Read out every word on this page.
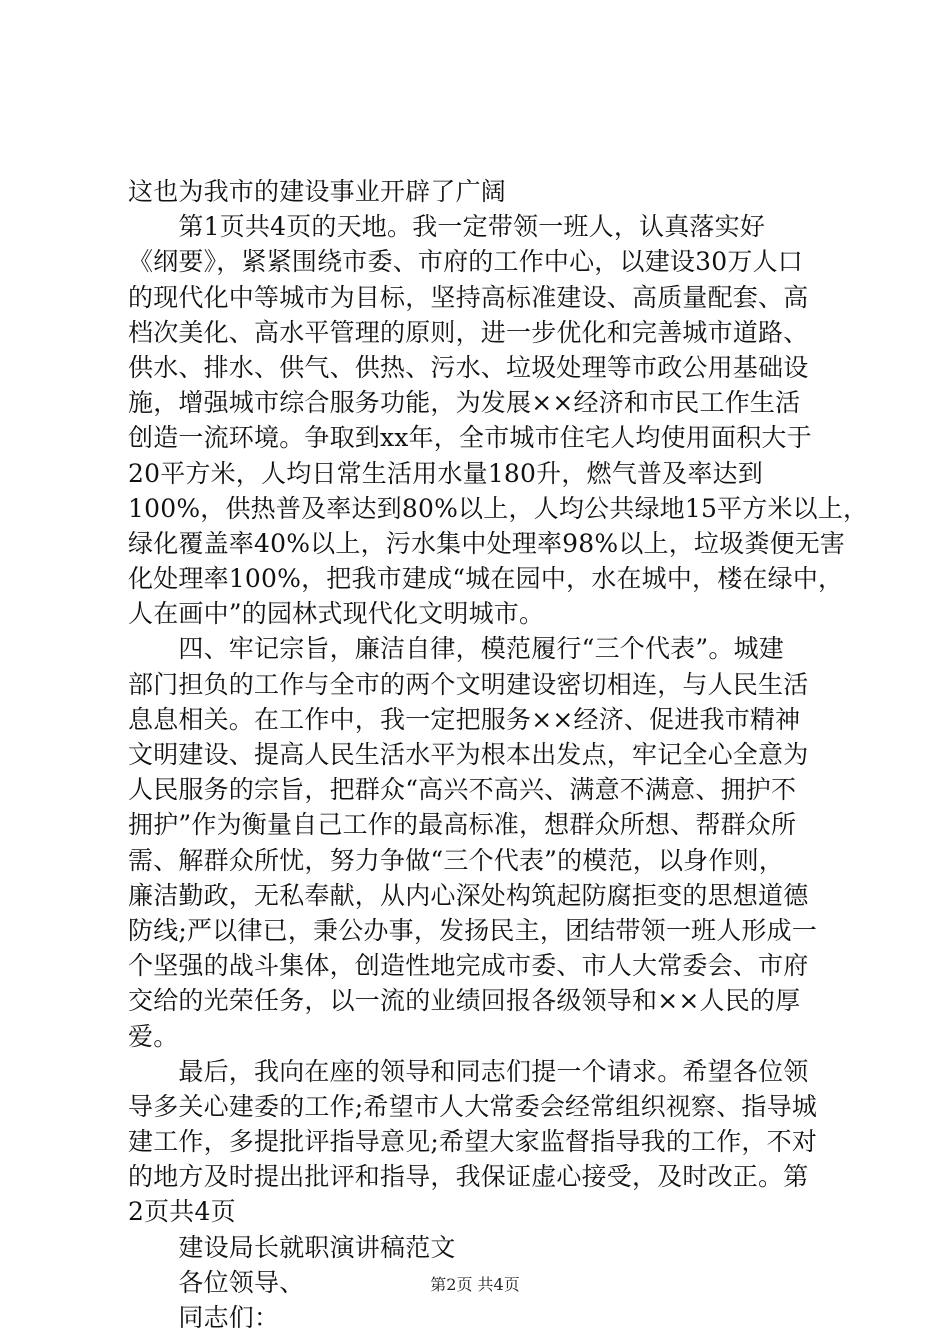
这也为我市的建设事业开辟了广阔
　　第1页共4页的天地。我一定带领一班人，认真落实好
《纲要》，紧紧围绕市委、市府的工作中心，以建设30万人口
的现代化中等城市为目标，坚持高标准建设、高质量配套、高
档次美化、高水平管理的原则，进一步优化和完善城市道路、
供水、排水、供气、供热、污水、垃圾处理等市政公用基础设
施，增强城市综合服务功能，为发展××经济和市民工作生活
创造一流环境。争取到xx年，全市城市住宅人均使用面积大于
20平方米，人均日常生活用水量180升，燃气普及率达到
100%，供热普及率达到80%以上，人均公共绿地15平方米以上，
绿化覆盖率40%以上，污水集中处理率98%以上，垃圾粪便无害
化处理率100%，把我市建成“城在园中，水在城中，楼在绿中，
人在画中”的园林式现代化文明城市。
　　四、牢记宗旨，廉洁自律，模范履行“三个代表”。城建
部门担负的工作与全市的两个文明建设密切相连，与人民生活
息息相关。在工作中，我一定把服务××经济、促进我市精神
文明建设、提高人民生活水平为根本出发点，牢记全心全意为
人民服务的宗旨，把群众“高兴不高兴、满意不满意、拥护不
拥护”作为衡量自己工作的最高标准，想群众所想、帮群众所
需、解群众所忧，努力争做“三个代表”的模范，以身作则，
廉洁勤政，无私奉献，从内心深处构筑起防腐拒变的思想道德
防线;严以律已，秉公办事，发扬民主，团结带领一班人形成一
个坚强的战斗集体，创造性地完成市委、市人大常委会、市府
交给的光荣任务，以一流的业绩回报各级领导和××人民的厚
爱。
　　最后，我向在座的领导和同志们提一个请求。希望各位领
导多关心建委的工作;希望市人大常委会经常组织视察、指导城
建工作，多提批评指导意见;希望大家监督指导我的工作，不对
的地方及时提出批评和指导，我保证虚心接受，及时改正。第
2页共4页
　　建设局长就职演讲稿范文
　　各位领导、
　　同志们：
第2页 共4页
